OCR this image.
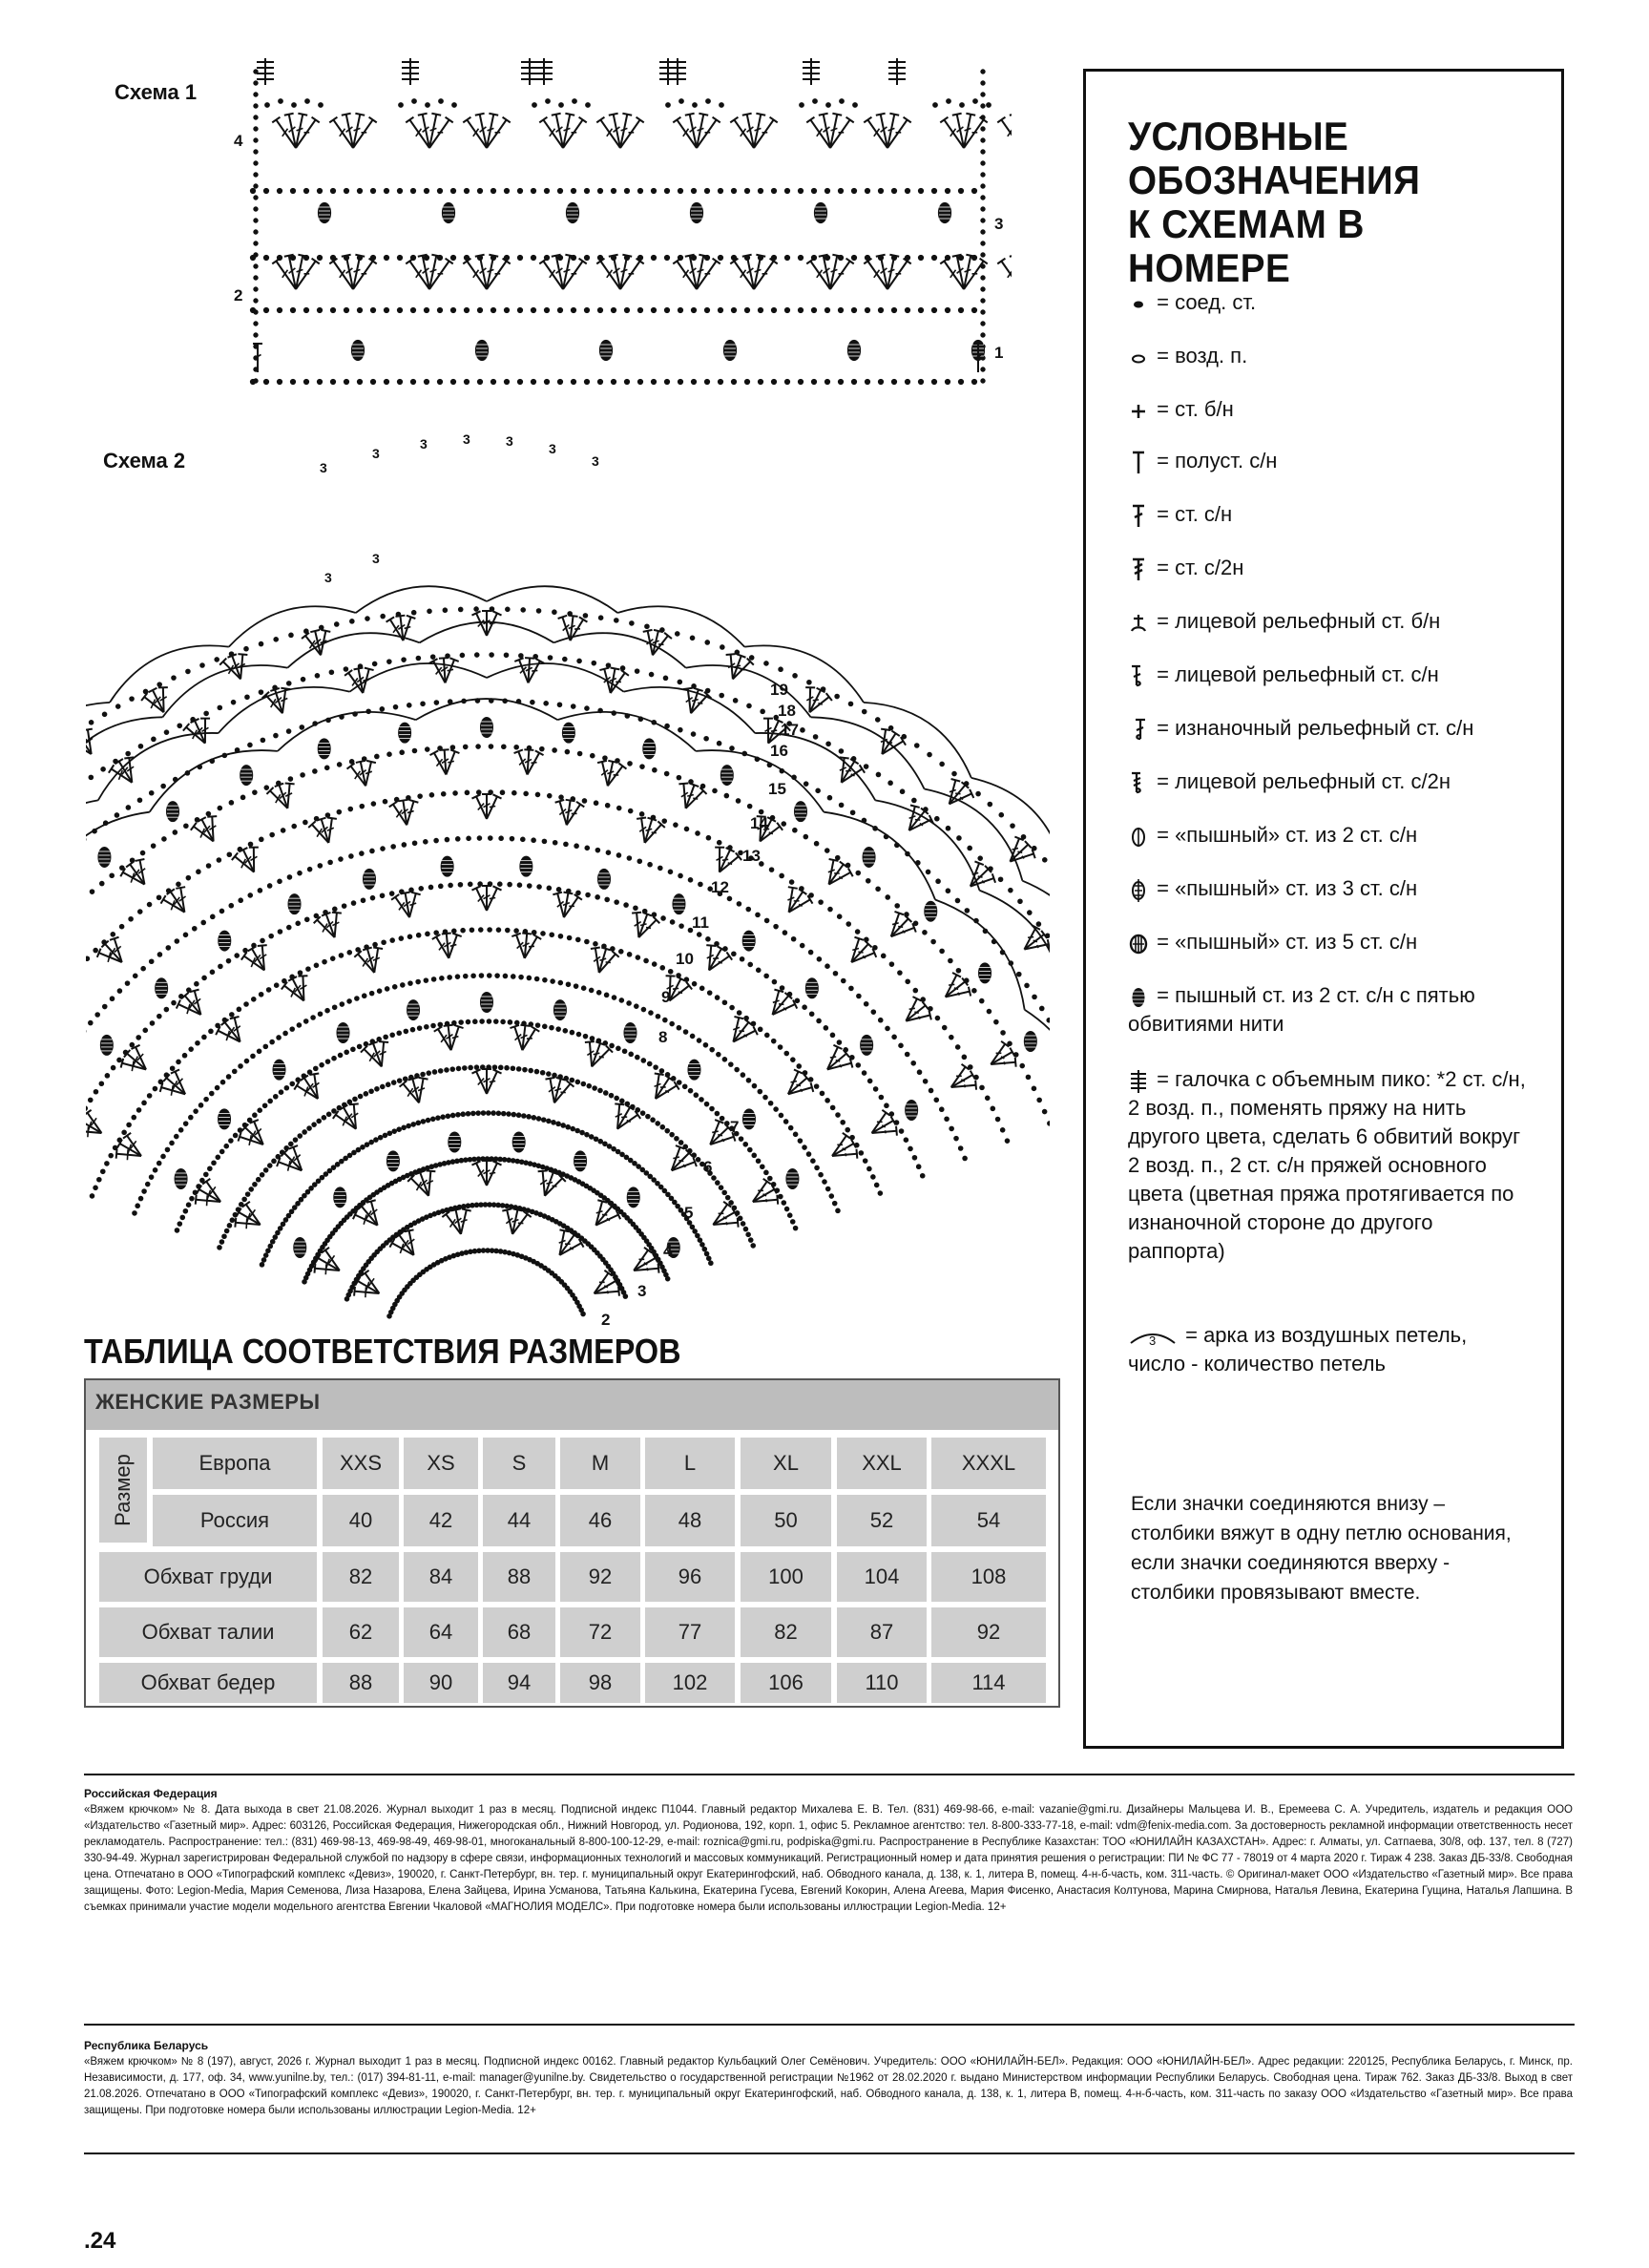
Схема 1
1
2
3
4
Схема 2	3
3
3	3	3	3
3
3
3
2
3
4
5
6
7
8
9
10
11
12
13
14
15
16
17
18
19
УСЛОВНЫЕ
ОБОЗНАЧЕНИЯ
К СХЕМАМ В НОМЕРЕ
= соед. ст.
= возд. п.
= ст. б/н
= полуст. с/н
= ст. с/н
= ст. с/2н
= лицевой рельефный ст. б/н
= лицевой рельефный ст. с/н
= изнаночный рельефный ст. с/н
= лицевой рельефный ст. с/2н
= «пышный» ст. из 2 ст. с/н
= «пышный» ст. из 3 ст. с/н
= «пышный» ст. из 5 ст. с/н
= пышный ст. из 2 ст. с/н с пятью обвитиями нити
= галочка с объемным пико: *2 ст. с/н, 2 возд. п., поменять пряжу на нить другого цвета, сделать 6 обвитий вокруг 2 возд. п., 2 ст. с/н пряжей основного цвета (цветная пряжа протягивается по изнаночной стороне до другого раппорта)
3 = арка из воздушных петель, число - количество петель
Если значки соединяются внизу – столбики вяжут в одну петлю основания, если значки соединяются вверху - столбики провязывают вместе.
ТАБЛИЦА СООТВЕТСТВИЯ РАЗМЕРОВ
ЖЕНСКИЕ РАЗМЕРЫ
Размер	Европа	XXS	XS	S	M	L	XL	XXL	XXXL
Россия	40	42	44	46	48	50	52	54
Обхват груди	82	84	88	92	96	100	104	108
Обхват талии	62	64	68	72	77	82	87	92
Обхват бедер	88	90	94	98	102	106	110	114
Российская Федерация
«Вяжем крючком» № 8. Дата выхода в свет 21.08.2026. Журнал выходит 1 раз в месяц. Подписной индекс П1044. Главный редактор Михалева Е. В. Тел. (831) 469-98-66, e-mail: vazanie@gmi.ru. Дизайнеры Мальцева И. В., Еремеева С. А. Учредитель, издатель и редакция ООО «Издательство «Газетный мир». Адрес: 603126, Российская Федерация, Нижегородская обл., Нижний Новгород, ул. Родионова, 192, корп. 1, офис 5. Рекламное агентство: тел. 8-800-333-77-18, e-mail: vdm@fenix-media.com. За достоверность рекламной информации ответственность несет рекламодатель. Распространение: тел.: (831) 469-98-13, 469-98-49, 469-98-01, многоканальный 8-800-100-12-29, e-mail: roznica@gmi.ru, podpiska@gmi.ru. Распространение в Республике Казахстан: ТОО «ЮНИЛАЙН КАЗАХСТАН». Адрес: г. Алматы, ул. Сатпаева, 30/8, оф. 137, тел. 8 (727) 330-94-49. Журнал зарегистрирован Федеральной службой по надзору в сфере связи, информационных технологий и массовых коммуникаций. Регистрационный номер и дата принятия решения о регистрации: ПИ № ФС 77 - 78019 от 4 марта 2020 г. Тираж 4 238. Заказ ДБ-33/8. Свободная цена. Отпечатано в ООО «Типографский комплекс «Девиз», 190020, г. Санкт-Петербург, вн. тер. г. муниципальный округ Екатерингофский, наб. Обводного канала, д. 138, к. 1, литера В, помещ. 4-н-б-часть, ком. 311-часть. © Оригинал-макет ООО «Издательство «Газетный мир». Все права защищены. Фото: Legion-Media, Мария Семенова, Лиза Назарова, Елена Зайцева, Ирина Усманова, Татьяна Калькина, Екатерина Гусева, Евгений Кокорин, Алена Агеева, Мария Фисенко, Анастасия Колтунова, Марина Смирнова, Наталья Левина, Екатерина Гущина, Наталья Лапшина. В съемках принимали участие модели модельного агентства Евгении Чкаловой «МАГНОЛИЯ МОДЕЛС». При подготовке номера были использованы иллюстрации Legion-Media. 12+
Республика Беларусь
«Вяжем крючком» № 8 (197), август, 2026 г. Журнал выходит 1 раз в месяц. Подписной индекс 00162. Главный редактор Кульбацкий Олег Семёнович. Учредитель: ООО «ЮНИЛАЙН-БЕЛ». Редакция: ООО «ЮНИЛАЙН-БЕЛ». Адрес редакции: 220125, Республика Беларусь, г. Минск, пр. Независимости, д. 177, оф. 34, www.yunilne.by, тел.: (017) 394-81-11, e-mail: manager@yunilne.by. Свидетельство о государственной регистрации №1962 от 28.02.2020 г. выдано Министерством информации Республики Беларусь. Свободная цена. Тираж 762. Заказ ДБ-33/8. Выход в свет 21.08.2026. Отпечатано в ООО «Типографский комплекс «Девиз», 190020, г. Санкт-Петербург, вн. тер. г. муниципальный округ Екатерингофский, наб. Обводного канала, д. 138, к. 1, литера В, помещ. 4-н-б-часть, ком. 311-часть по заказу ООО «Издательство «Газетный мир». Все права защищены. При подготовке номера были использованы иллюстрации Legion-Media. 12+
.24
